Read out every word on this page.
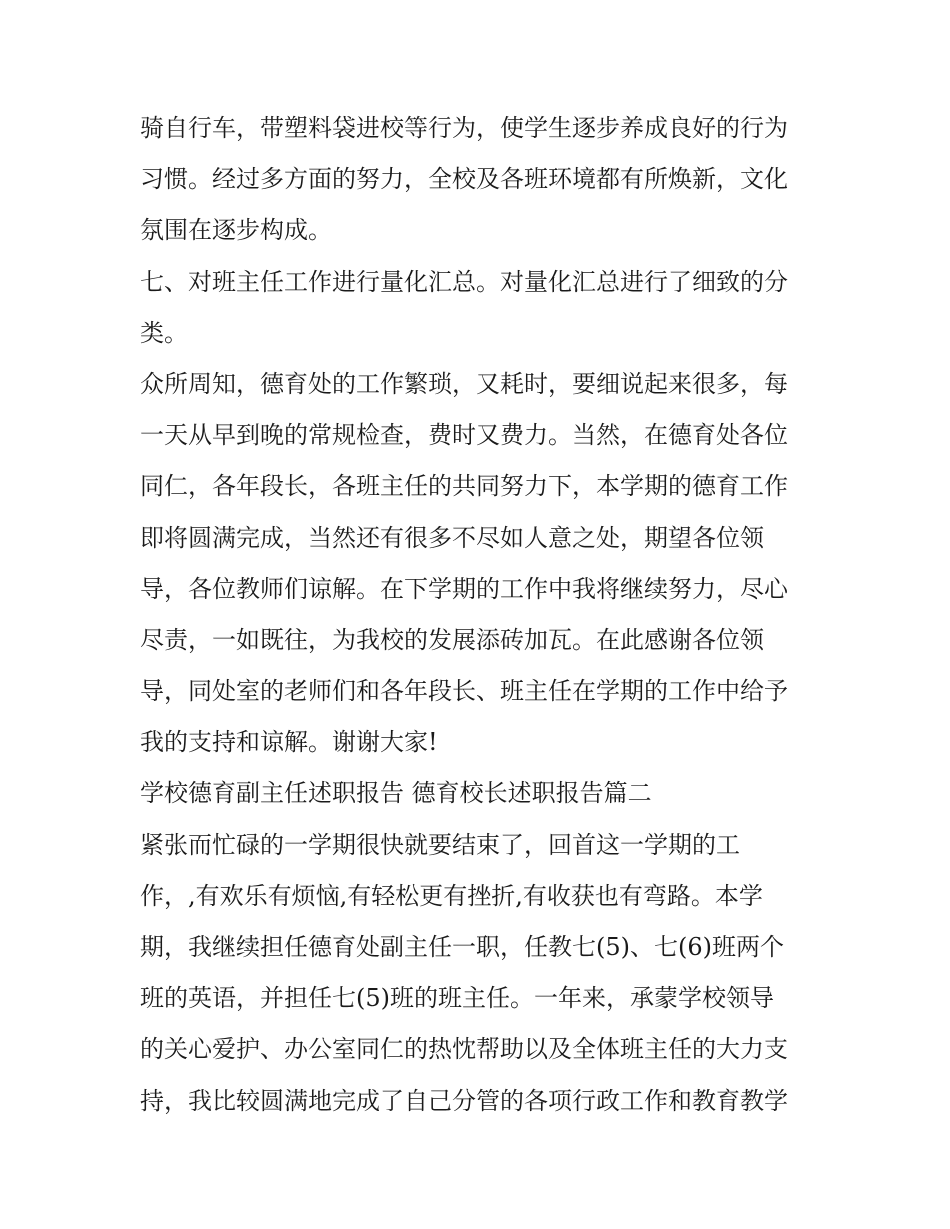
骑自行车，带塑料袋进校等行为，使学生逐步养成良好的行为
习惯。经过多方面的努力，全校及各班环境都有所焕新，文化
氛围在逐步构成。
七、对班主任工作进行量化汇总。对量化汇总进行了细致的分
类。
众所周知，德育处的工作繁琐，又耗时，要细说起来很多，每
一天从早到晚的常规检查，费时又费力。当然，在德育处各位
同仁，各年段长，各班主任的共同努力下，本学期的德育工作
即将圆满完成，当然还有很多不尽如人意之处，期望各位领
导，各位教师们谅解。在下学期的工作中我将继续努力，尽心
尽责，一如既往，为我校的发展添砖加瓦。在此感谢各位领
导，同处室的老师们和各年段长、班主任在学期的工作中给予
我的支持和谅解。谢谢大家!
学校德育副主任述职报告 德育校长述职报告篇二
紧张而忙碌的一学期很快就要结束了，回首这一学期的工
作，,有欢乐有烦恼,有轻松更有挫折,有收获也有弯路。本学
期，我继续担任德育处副主任一职，任教七(5)、七(6)班两个
班的英语，并担任七(5)班的班主任。一年来，承蒙学校领导
的关心爱护、办公室同仁的热忱帮助以及全体班主任的大力支
持，我比较圆满地完成了自己分管的各项行政工作和教育教学
